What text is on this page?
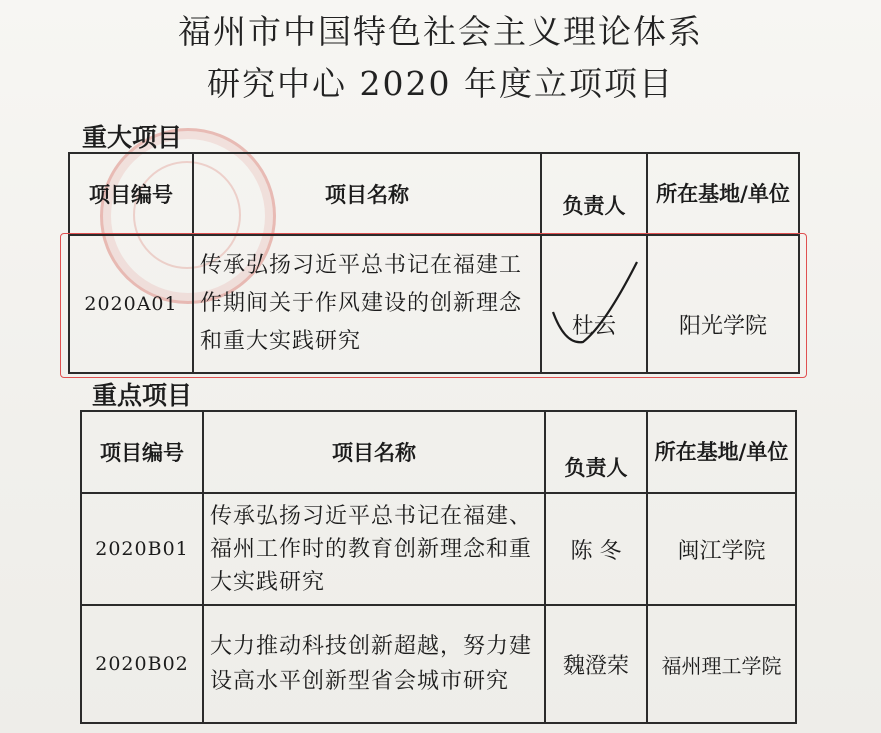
福州市中国特色社会主义理论体系
研究中心 2020 年度立项项目
重大项目
项目编号	项目名称	负责人	所在基地/单位
2020A01	传承弘扬习近平总书记在福建工作期间关于作风建设的创新理念和重大实践研究	杜云	阳光学院
重点项目
项目编号	项目名称	负责人	所在基地/单位
2020B01	传承弘扬习近平总书记在福建、福州工作时的教育创新理念和重大实践研究	陈 冬	闽江学院
2020B02	大力推动科技创新超越，努力建设高水平创新型省会城市研究	魏澄荣	福州理工学院
